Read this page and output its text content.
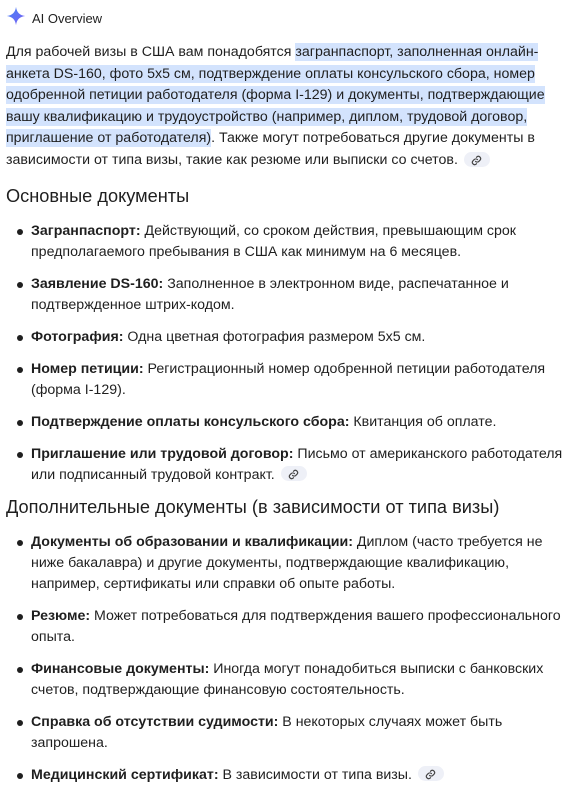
AI Overview

Для рабочей визы в США вам понадобятся загранпаспорт, заполненная онлайн-анкета DS-160, фото 5x5 см, подтверждение оплаты консульского сбора, номер одобренной петиции работодателя (форма I-129) и документы, подтверждающие вашу квалификацию и трудоустройство (например, диплом, трудовой договор, приглашение от работодателя). Также могут потребоваться другие документы в зависимости от типа визы, такие как резюме или выписки со счетов.

Основные документы
Загранпаспорт: Действующий, со сроком действия, превышающим срок предполагаемого пребывания в США как минимум на 6 месяцев.
Заявление DS-160: Заполненное в электронном виде, распечатанное и подтвержденное штрих-кодом.
Фотография: Одна цветная фотография размером 5x5 см.
Номер петиции: Регистрационный номер одобренной петиции работодателя (форма I-129).
Подтверждение оплаты консульского сбора: Квитанция об оплате.
Приглашение или трудовой договор: Письмо от американского работодателя или подписанный трудовой контракт.
Дополнительные документы (в зависимости от типа визы)
Документы об образовании и квалификации: Диплом (часто требуется не ниже бакалавра) и другие документы, подтверждающие квалификацию, например, сертификаты или справки об опыте работы.
Резюме: Может потребоваться для подтверждения вашего профессионального опыта.
Финансовые документы: Иногда могут понадобиться выписки с банковских счетов, подтверждающие финансовую состоятельность.
Справка об отсутствии судимости: В некоторых случаях может быть запрошена.
Медицинский сертификат: В зависимости от типа визы.
